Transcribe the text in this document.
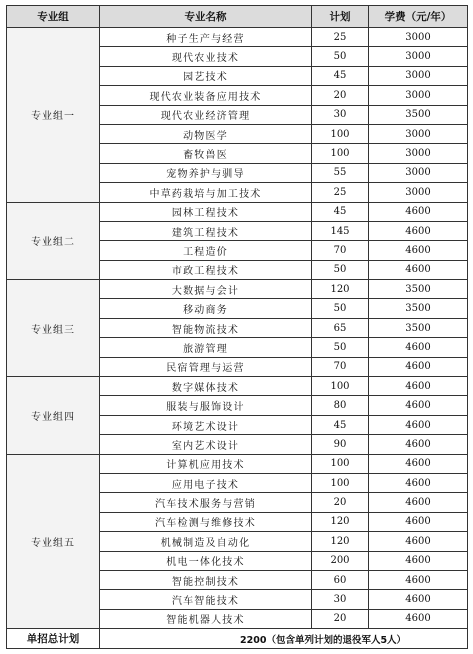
专业组	专业名称	计划	学费（元/年）
专业组一	种子生产与经营	25	3000
	现代农业技术	50	3000
	园艺技术	45	3000
	现代农业装备应用技术	20	3000
	现代农业经济管理	30	3500
	动物医学	100	3000
	畜牧兽医	100	3000
	宠物养护与驯导	55	3000
	中草药栽培与加工技术	25	3000
专业组二	园林工程技术	45	4600
	建筑工程技术	145	4600
	工程造价	70	4600
	市政工程技术	50	4600
专业组三	大数据与会计	120	3500
	移动商务	50	3500
	智能物流技术	65	3500
	旅游管理	50	4600
	民宿管理与运营	70	4600
专业组四	数字媒体技术	100	4600
	服装与服饰设计	80	4600
	环境艺术设计	45	4600
	室内艺术设计	90	4600
专业组五	计算机应用技术	100	4600
	应用电子技术	100	4600
	汽车技术服务与营销	20	4600
	汽车检测与维修技术	120	4600
	机械制造及自动化	120	4600
	机电一体化技术	200	4600
	智能控制技术	60	4600
	汽车智能技术	30	4600
	智能机器人技术	20	4600
单招总计划	2200（包含单列计划的退役军人5人）		
